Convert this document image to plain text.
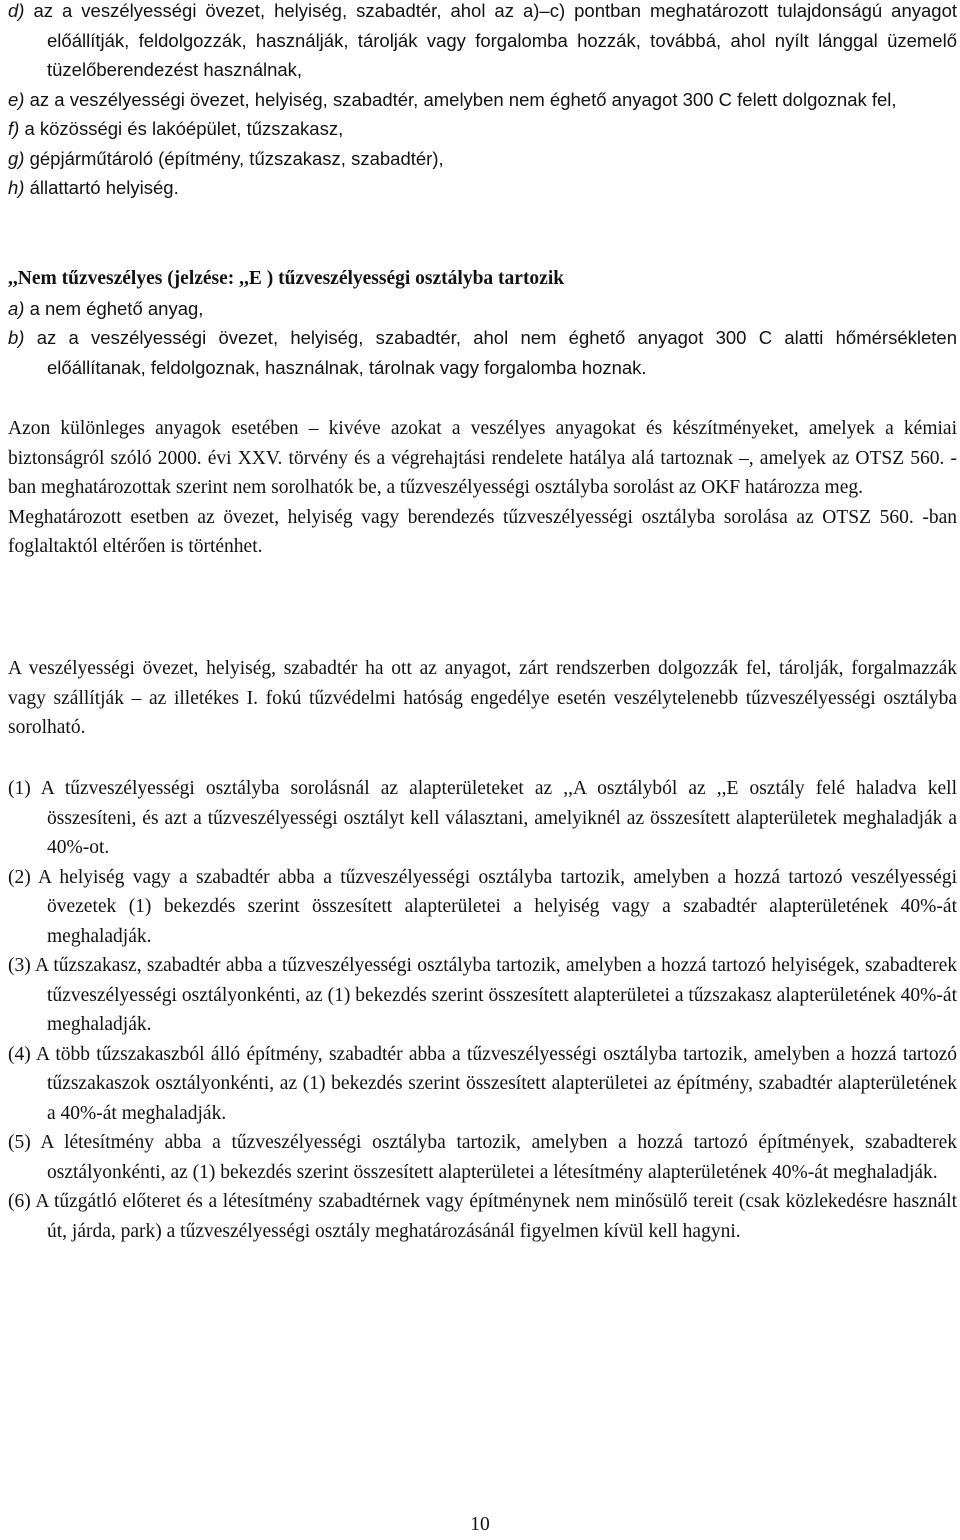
d) az a veszélyességi övezet, helyiség, szabadtér, ahol az a)–c) pontban meghatározott tulajdonságú anyagot előállítják, feldolgozzák, használják, tárolják vagy forgalomba hozzák, továbbá, ahol nyílt lánggal üzemelő tüzelőberendezést használnak,

e) az a veszélyességi övezet, helyiség, szabadtér, amelyben nem éghető anyagot 300 C felett dolgoznak fel,

f) a közösségi és lakóépület, tűzszakasz,

g) gépjárműtároló (építmény, tűzszakasz, szabadtér),

h) állattartó helyiség.

,,Nem tűzveszélyes (jelzése: ,,E ) tűzveszélyességi osztályba tartozik

a) a nem éghető anyag,

b) az a veszélyességi övezet, helyiség, szabadtér, ahol nem éghető anyagot 300 C alatti hőmérsékleten előállítanak, feldolgoznak, használnak, tárolnak vagy forgalomba hoznak.

Azon különleges anyagok esetében – kivéve azokat a veszélyes anyagokat és készítményeket, amelyek a kémiai biztonságról szóló 2000. évi XXV. törvény és a végrehajtási rendelete hatálya alá tartoznak –, amelyek az OTSZ 560. -ban meghatározottak szerint nem sorolhatók be, a tűzveszélyességi osztályba sorolást az OKF határozza meg.

Meghatározott esetben az övezet, helyiség vagy berendezés tűzveszélyességi osztályba sorolása az OTSZ 560. -ban foglaltaktól eltérően is történhet.

A veszélyességi övezet, helyiség, szabadtér ha ott az anyagot, zárt rendszerben dolgozzák fel, tárolják, forgalmazzák vagy szállítják – az illetékes I. fokú tűzvédelmi hatóság engedélye esetén veszélytelenebb tűzveszélyességi osztályba sorolható.

(1) A tűzveszélyességi osztályba sorolásnál az alapterületeket az ,,A osztályból az ,,E osztály felé haladva kell összesíteni, és azt a tűzveszélyességi osztályt kell választani, amelyiknél az összesített alapterületek meghaladják a 40%-ot.

(2) A helyiség vagy a szabadtér abba a tűzveszélyességi osztályba tartozik, amelyben a hozzá tartozó veszélyességi övezetek (1) bekezdés szerint összesített alapterületei a helyiség vagy a szabadtér alapterületének 40%-át meghaladják.

(3) A tűzszakasz, szabadtér abba a tűzveszélyességi osztályba tartozik, amelyben a hozzá tartozó helyiségek, szabadterek tűzveszélyességi osztályonkénti, az (1) bekezdés szerint összesített alapterületei a tűzszakasz alapterületének 40%-át meghaladják.

(4) A több tűzszakaszból álló építmény, szabadtér abba a tűzveszélyességi osztályba tartozik, amelyben a hozzá tartozó tűzszakaszok osztályonkénti, az (1) bekezdés szerint összesített alapterületei az építmény, szabadtér alapterületének a 40%-át meghaladják.

(5) A létesítmény abba a tűzveszélyességi osztályba tartozik, amelyben a hozzá tartozó építmények, szabadterek osztályonkénti, az (1) bekezdés szerint összesített alapterületei a létesítmény alapterületének 40%-át meghaladják.

(6) A tűzgátló előteret és a létesítmény szabadtérnek vagy építménynek nem minősülő tereit (csak közlekedésre használt út, járda, park) a tűzveszélyességi osztály meghatározásánál figyelmen kívül kell hagyni.

10
